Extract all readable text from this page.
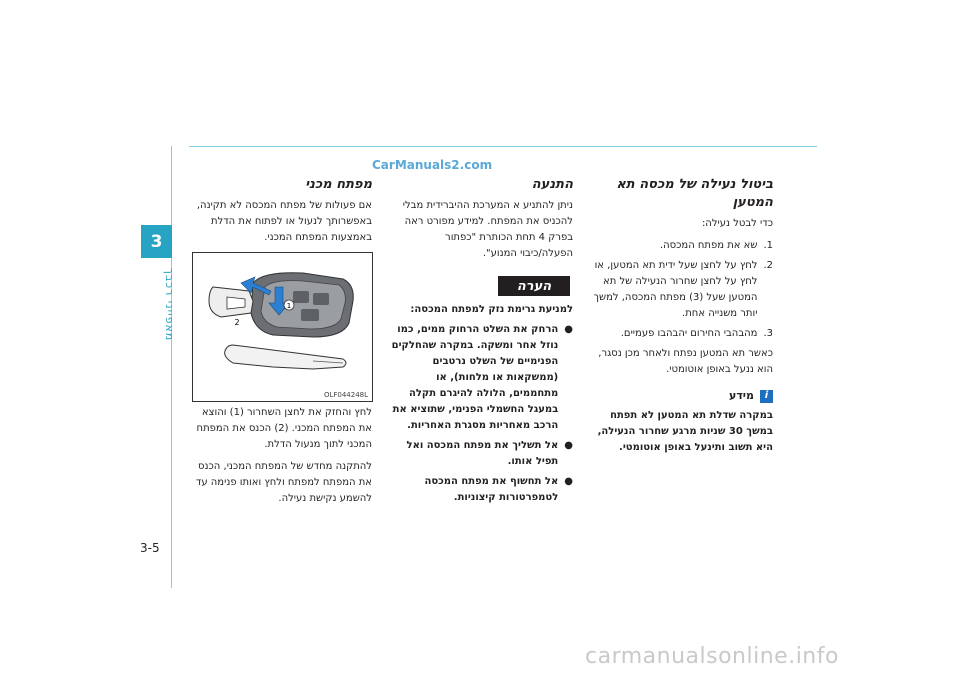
3
מאפייני רכבך
3-5
CarManuals2.com
carmanualsonline.info
ביטול נעילה של מכסה תא
המטען

כדי לבטל נעילה:

1.
שא את מפתח המכסה.
2.
לחץ על לחצן שעל ידית תא המטען, או לחץ על לחצן שחרור הנעילה של תא המטען שעל (3) מפתח המכסה, למשך יותר משנייה אחת.
3.
מהבהבי החירום יהבהבו פעמיים.

כאשר תא המטען נפתח ולאחר מכן נסגר, הוא ננעל באופן אוטומטי.

i
מידע

במקרה שדלת תא המטען לא תפתח במשך 30 שניות מרגע שחרור הנעילה, היא תשוב ותינעל באופן אוטומטי.

התנעה

ניתן להתניע א המערכת ההיברידית מבלי להכניס את המפתח. למידע מפורט ראה בפרק 4 תחת הכותרת "כפתור הפעלה/כיבוי המנוע".

הערה

למניעת גרימת נזק למפתח המכסה:

●
הרחק את השלט הרחוק ממים, כמו נוזל אחר ומשקה. במקרה שהחלקים הפנימיים של השלט נרטבים (ממשקאות או מלחות), או מתחממים, הלולה להיגרם תקלה במעגל החשמלי הפנימי, שתוציא את הרכב מאחריות מסגרת האחריות.
●
אל תשליך את מפתח המכסה ואל תפיל אותו.
●
אל תחשוף את מפתח המכסה לטמפרטורות קיצוניות.
מפתח מכני

אם פעולות של מפתח המכסה לא תקינה, באפשרותך לנעול או לפתוח את הדלת באמצעות המפתח המכני.

1
2
OLF044248L

לחץ והחזק את לחצן השחרור (1) והוצא את המפתח המכני. (2) הכנס את המפתח המכני לתוך מנעול הדלת.

להתקנה מחדש של המפתח המכני, הכנס את המפתח למפתח ולחץ ואותו פנימה עד להשמע נקישת נעילה.
